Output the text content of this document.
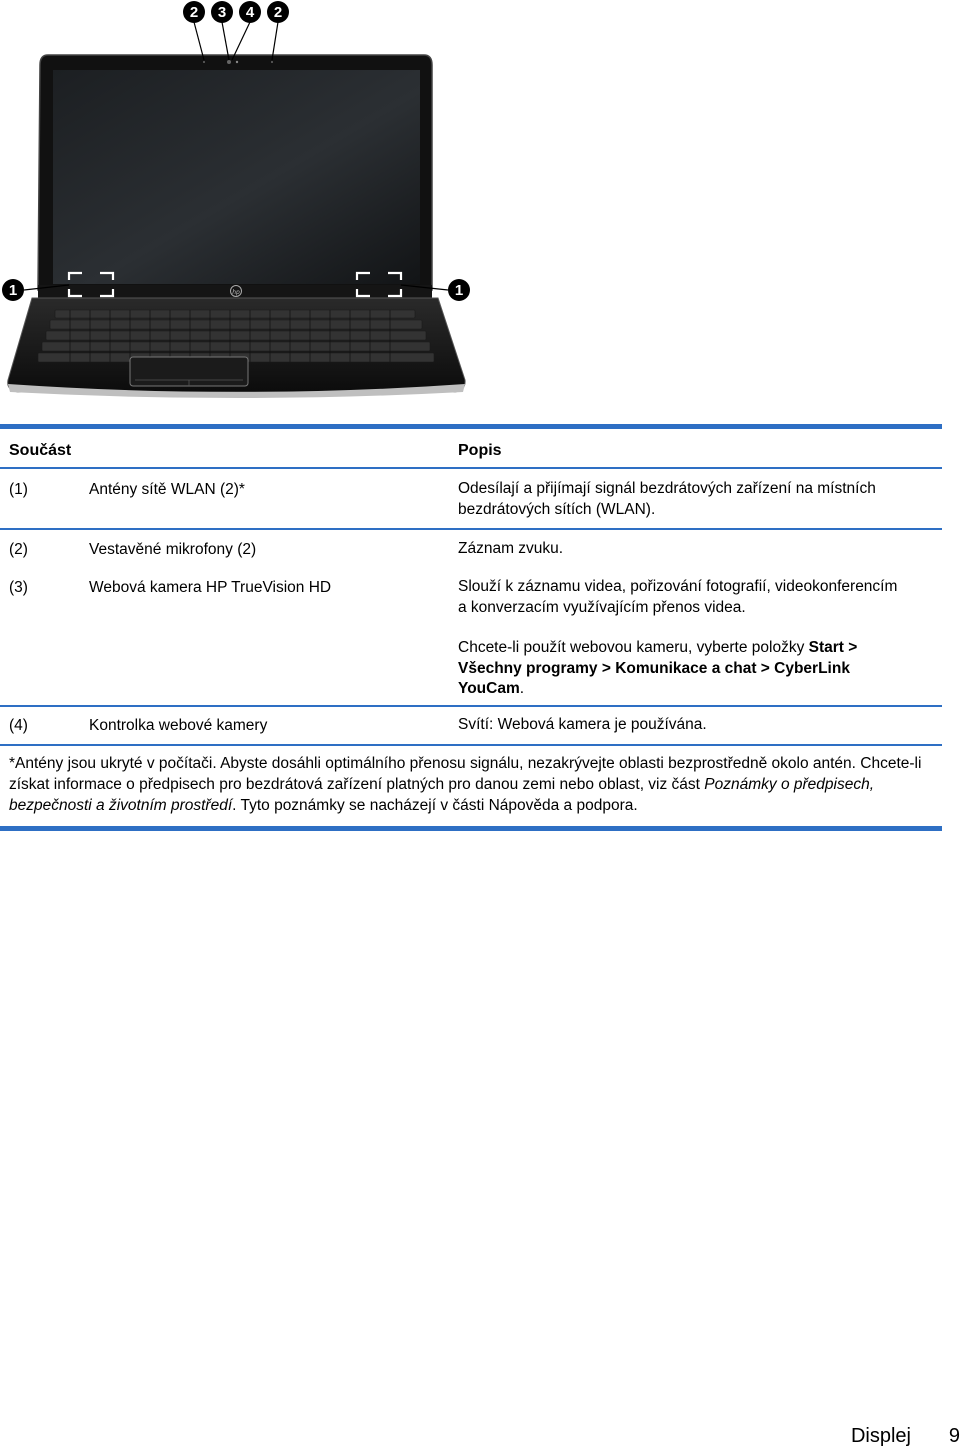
hp
2 3 4 2
1	1
Součást	Popis
(1)	Antény sítě WLAN (2)*	Odesílají a přijímají signál bezdrátových zařízení na místních
bezdrátových sítích (WLAN).
(2)	Vestavěné mikrofony (2)	Záznam zvuku.
(3)	Webová kamera HP TrueVision HD	Slouží k záznamu videa, pořizování fotografií, videokonferencím
a konverzacím využívajícím přenos videa.
Chcete-li použít webovou kameru, vyberte položky Start >
Všechny programy > Komunikace a chat > CyberLink
YouCam.
(4)	Kontrolka webové kamery	Svítí: Webová kamera je používána.
*Antény jsou ukryté v počítači. Abyste dosáhli optimálního přenosu signálu, nezakrývejte oblasti bezprostředně okolo antén. Chcete-li získat informace o předpisech pro bezdrátová zařízení platných pro danou zemi nebo oblast, viz část Poznámky o předpisech, bezpečnosti a životním prostředí. Tyto poznámky se nacházejí v části Nápověda a podpora.
Displej 9
